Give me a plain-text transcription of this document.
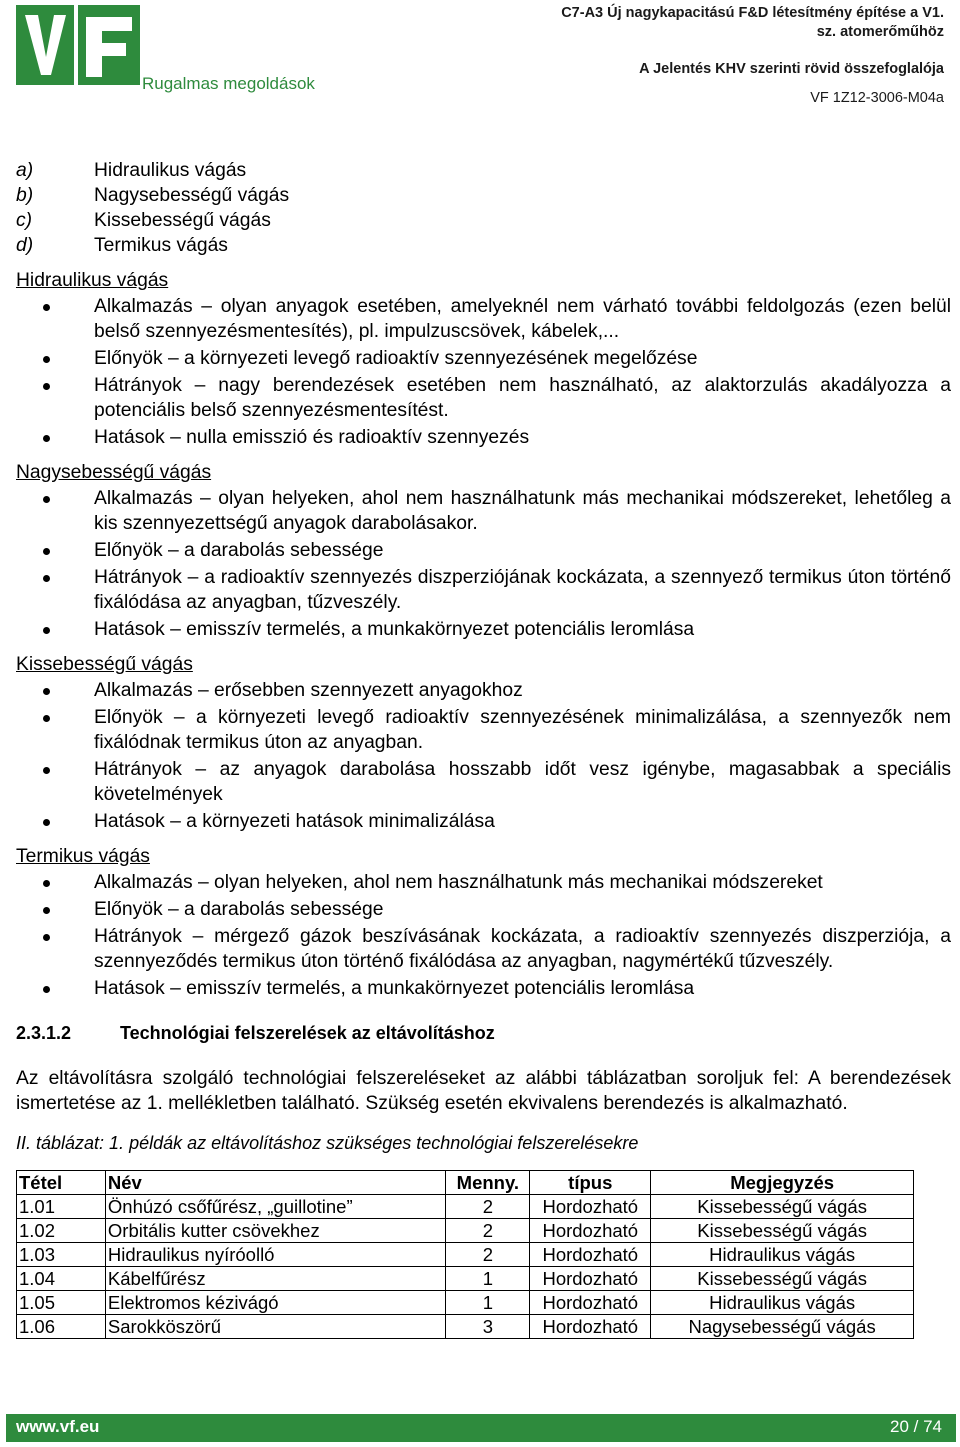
Rugalmas megoldások
C7-A3 Új nagykapacitású F&D létesítmény építése a V1.
sz. atomerőműhöz
A Jelentés KHV szerinti rövid összefoglalója
VF 1Z12-3006-M04a
a)	Hidraulikus vágás
b)	Nagysebességű vágás
c)	Kissebességű vágás
d)	Termikus vágás
Hidraulikus vágás
Alkalmazás – olyan anyagok esetében, amelyeknél nem várható további feldolgozás (ezen belül belső szennyezésmentesítés), pl. impulzuscsövek, kábelek,...
Előnyök – a környezeti levegő radioaktív szennyezésének megelőzése
Hátrányok – nagy berendezések esetében nem használható, az alaktorzulás akadályozza a potenciális belső szennyezésmentesítést.
Hatások – nulla emisszió és radioaktív szennyezés
Nagysebességű vágás
Alkalmazás – olyan helyeken, ahol nem használhatunk más mechanikai módszereket, lehetőleg a kis szennyezettségű anyagok darabolásakor.
Előnyök – a darabolás sebessége
Hátrányok – a radioaktív szennyezés diszperziójának kockázata, a szennyező termikus úton történő fixálódása az anyagban, tűzveszély.
Hatások – emisszív termelés, a munkakörnyezet potenciális leromlása
Kissebességű vágás
Alkalmazás – erősebben szennyezett anyagokhoz
Előnyök – a környezeti levegő radioaktív szennyezésének minimalizálása, a szennyezők nem fixálódnak termikus úton az anyagban.
Hátrányok – az anyagok darabolása hosszabb időt vesz igénybe, magasabbak a speciális követelmények
Hatások – a környezeti hatások minimalizálása
Termikus vágás
Alkalmazás – olyan helyeken, ahol nem használhatunk más mechanikai módszereket
Előnyök – a darabolás sebessége
Hátrányok – mérgező gázok beszívásának kockázata, a radioaktív szennyezés diszperziója, a szennyeződés termikus úton történő fixálódása az anyagban, nagymértékű tűzveszély.
Hatások – emisszív termelés, a munkakörnyezet potenciális leromlása
2.3.1.2	Technológiai felszerelések az eltávolításhoz
Az eltávolításra szolgáló technológiai felszereléseket az alábbi táblázatban soroljuk fel: A berendezések ismertetése az 1. mellékletben található. Szükség esetén ekvivalens berendezés is alkalmazható.
II. táblázat: 1. példák az eltávolításhoz szükséges technológiai felszerelésekre
Tétel	Név	Menny.	típus	Megjegyzés
1.01	Önhúzó csőfűrész, „guillotine”	2	Hordozható	Kissebességű vágás
1.02	Orbitális kutter csövekhez	2	Hordozható	Kissebességű vágás
1.03	Hidraulikus nyíróolló	2	Hordozható	Hidraulikus vágás
1.04	Kábelfűrész	1	Hordozható	Kissebességű vágás
1.05	Elektromos kézivágó	1	Hordozható	Hidraulikus vágás
1.06	Sarokköszörű	3	Hordozható	Nagysebességű vágás
www.vf.eu	20 / 74
